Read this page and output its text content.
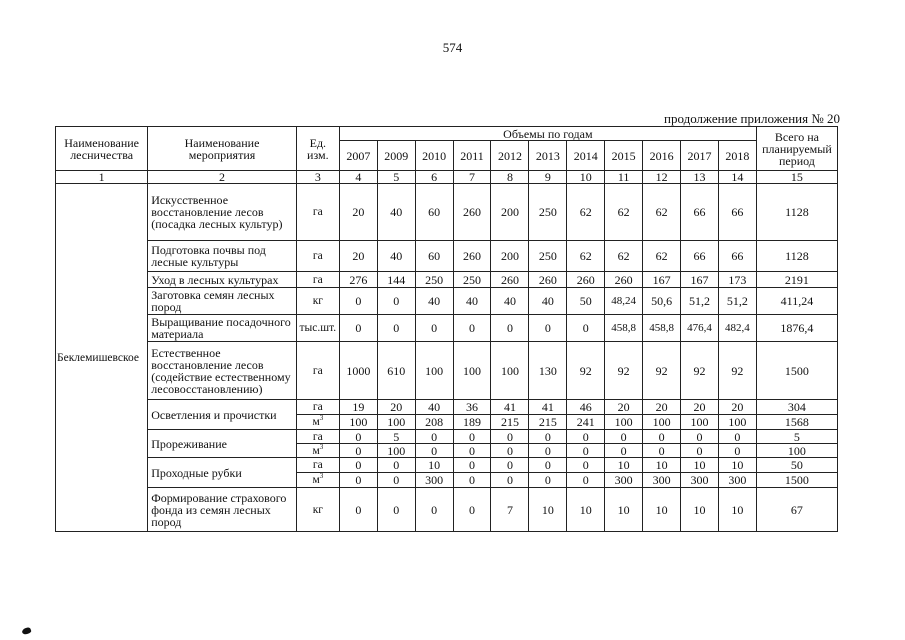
574
продолжение приложения № 20
Наименование лесничества	Наименование мероприятия	Ед. изм.	Объемы по годам											Всего на планируемый период
			2007	2009	2010	2011	2012	2013	2014	2015	2016	2017	2018	
1	2	3	4	5	6	7	8	9	10	11	12	13	14	15
Беклемишевское	Искусственное восстановление лесов (посадка лесных культур)	га	20	40	60	260	200	250	62	62	62	66	66	1128
	Подготовка почвы под лесные культуры	га	20	40	60	260	200	250	62	62	62	66	66	1128
	Уход в лесных культурах	га	276	144	250	250	260	260	260	260	167	167	173	2191
	Заготовка семян лесных пород	кг	0	0	40	40	40	40	50	48,24	50,6	51,2	51,2	411,24
	Выращивание посадочного материала	тыс.шт.	0	0	0	0	0	0	0	458,8	458,8	476,4	482,4	1876,4
	Естественное восстановление лесов (содействие естественному лесовосстановлению)	га	1000	610	100	100	100	130	92	92	92	92	92	1500
	Осветления и прочистки	га	19	20	40	36	41	41	46	20	20	20	20	304
		$м^3$	100	100	208	189	215	215	241	100	100	100	100	1568
	Прореживание	га	0	5	0	0	0	0	0	0	0	0	0	5
		$м^3$	0	100	0	0	0	0	0	0	0	0	0	100
	Проходные рубки	га	0	0	10	0	0	0	0	10	10	10	10	50
		$м^3$	0	0	300	0	0	0	0	300	300	300	300	1500
	Формирование страхового фонда из семян лесных пород	кг	0	0	0	0	7	10	10	10	10	10	10	67
